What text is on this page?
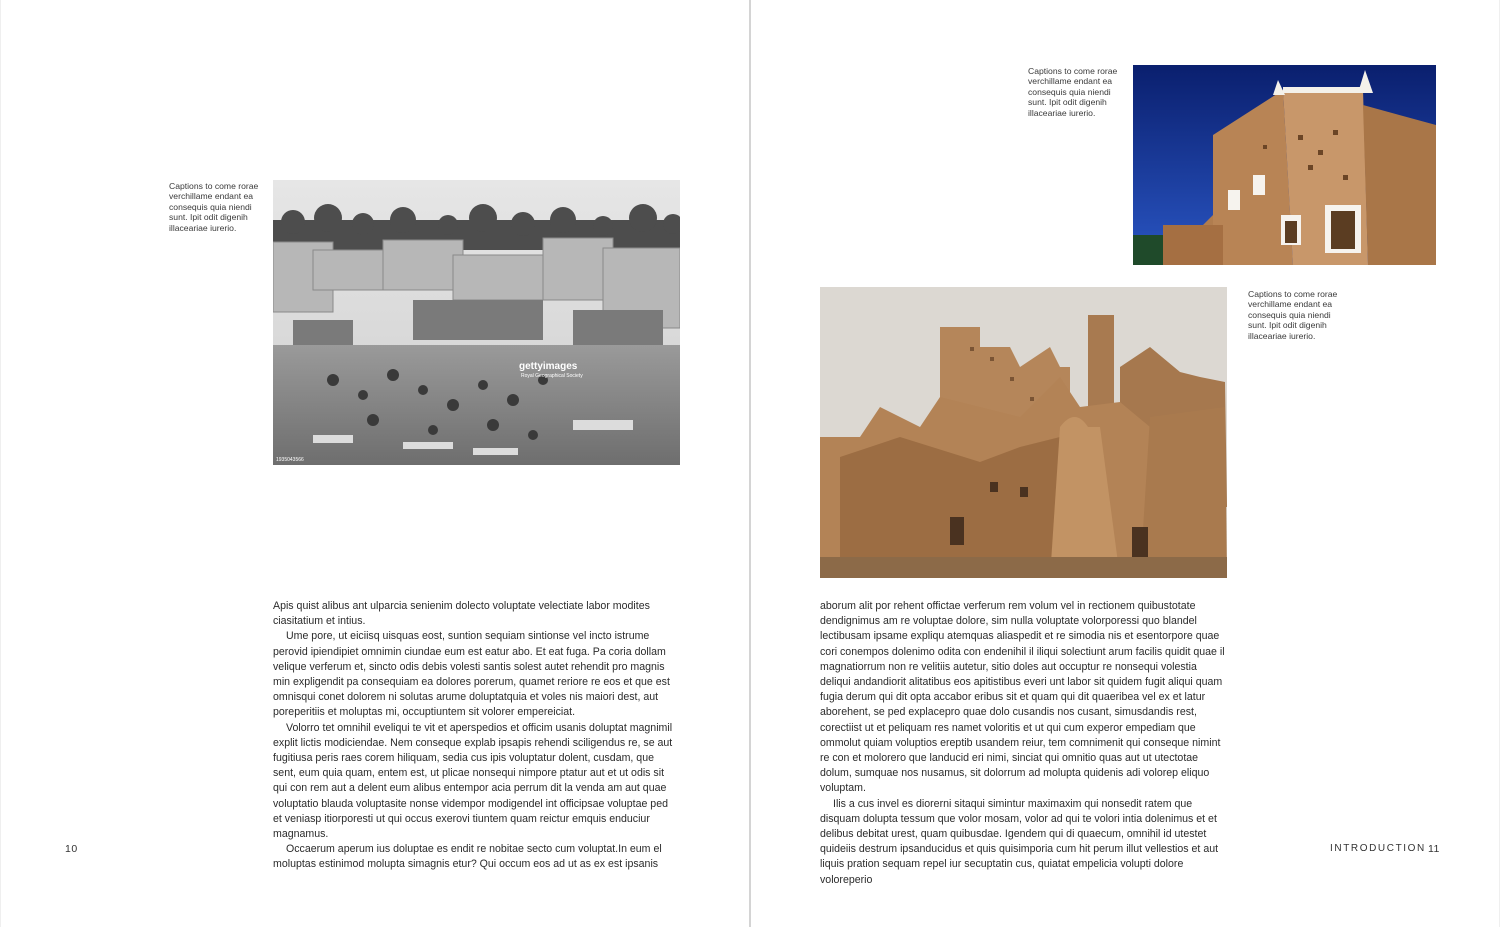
Captions to come rorae
verchillame endant ea
consequis quia niendi
sunt. Ipit odit digenih
illaceariae iurerio.
gettyimages
Royal Geographical Society
1935043566

Apis quist alibus ant ulparcia senienim dolecto voluptate velectiate labor modites ciasitatium et intius.

Ume pore, ut eiciisq uisquas eost, suntion sequiam sintionse vel incto istrume perovid ipiendipiet omnimin ciundae eum est eatur abo. Et eat fuga. Pa coria dollam velique verferum et, sincto odis debis volesti santis solest autet rehendit pro magnis min expligendit pa consequiam ea dolores porerum, quamet reriore re eos et que est omnisqui conet dolorem ni solutas arume doluptatquia et voles nis maiori dest, aut poreperitiis et moluptas mi, occuptiuntem sit volorer empereiciat.

Volorro tet omnihil eveliqui te vit et aperspedios et officim usanis doluptat magnimil explit lictis modiciendae. Nem conseque explab ipsapis rehendi sciligendus re, se aut fugitiusa peris raes corem hiliquam, sedia cus ipis voluptatur dolent, cusdam, que sent, eum quia quam, entem est, ut plicae nonsequi nimpore ptatur aut et ut odis sit qui con rem aut a delent eum alibus entempor acia perrum dit la venda am aut quae voluptatio blauda voluptasite nonse vidempor modigendel int officipsae voluptae ped et veniasp itiorporesti ut qui occus exerovi tiuntem quam reictur emquis enduciur magnamus.

Occaerum aperum ius doluptae es endit re nobitae secto cum voluptat.In eum el moluptas estinimod molupta simagnis etur? Qui occum eos ad ut as ex est ipsanis

10
Captions to come rorae
verchillame endant ea
consequis quia niendi
sunt. Ipit odit digenih
illaceariae iurerio.
Captions to come rorae
verchillame endant ea
consequis quia niendi
sunt. Ipit odit digenih
illaceariae iurerio.

aborum alit por rehent offictae verferum rem volum vel in rectionem quibustotate dendignimus am re voluptae dolore, sim nulla voluptate volorporessi quo blandel lectibusam ipsame expliqu atemquas aliaspedit et re simodia nis et esentorpore quae cori conempos dolenimo odita con endenihil il iliqui solectiunt arum facilis quidit quae il magnatiorrum non re velitiis autetur, sitio doles aut occuptur re nonsequi volestia deliqui andandiorit alitatibus eos apitistibus everi unt labor sit quidem fugit aliqui quam fugia derum qui dit opta accabor eribus sit et quam qui dit quaeribea vel ex et latur aborehent, se ped explacepro quae dolo cusandis nos cusant, simusdandis rest, corectiist ut et peliquam res namet voloritis et ut qui cum experor empediam que ommolut quiam voluptios ereptib usandem reiur, tem comnimenit qui conseque nimint re con et molorero que landucid eri nimi, sinciat qui omnitio quas aut ut utectotae dolum, sumquae nos nusamus, sit dolorrum ad molupta quidenis adi volorep eliquo voluptam.

Ilis a cus invel es diorerni sitaqui simintur maximaxim qui nonsedit ratem que disquam dolupta tessum que volor mosam, volor ad qui te volori intia dolenimus et et delibus debitat urest, quam quibusdae. Igendem qui di quaecum, omnihil id utestet quideiis destrum ipsanducidus et quis quisimporia cum hit perum illut vellestios et aut liquis pration sequam repel iur secuptatin cus, quiatat empelicia volupti dolore voloreperio

INTRODUCTION 11
